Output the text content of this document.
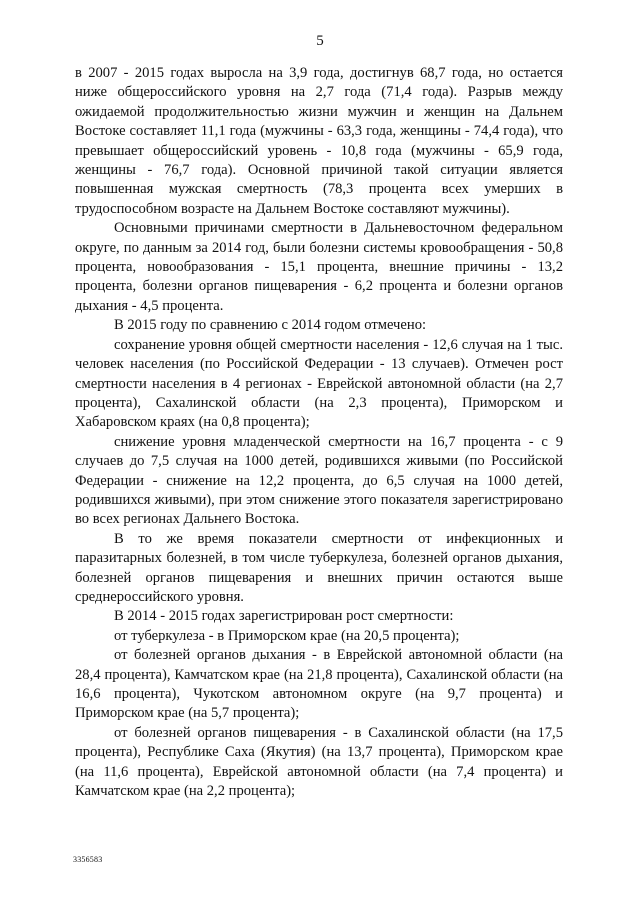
5

в 2007 - 2015 годах выросла на 3,9 года, достигнув 68,7 года, но остается ниже общероссийского уровня на 2,7 года (71,4 года). Разрыв между ожидаемой продолжительностью жизни мужчин и женщин на Дальнем Востоке составляет 11,1 года (мужчины - 63,3 года, женщины - 74,4 года), что превышает общероссийский уровень - 10,8 года (мужчины - 65,9 года, женщины - 76,7 года). Основной причиной такой ситуации является повышенная мужская смертность (78,3 процента всех умерших в трудоспособном возрасте на Дальнем Востоке составляют мужчины).

Основными причинами смертности в Дальневосточном федеральном округе, по данным за 2014 год, были болезни системы кровообращения - 50,8 процента, новообразования - 15,1 процента, внешние причины - 13,2 процента, болезни органов пищеварения - 6,2 процента и болезни органов дыхания - 4,5 процента.

В 2015 году по сравнению с 2014 годом отмечено:

сохранение уровня общей смертности населения - 12,6 случая на 1 тыс. человек населения (по Российской Федерации - 13 случаев). Отмечен рост смертности населения в 4 регионах - Еврейской автономной области (на 2,7 процента), Сахалинской области (на 2,3 процента), Приморском и Хабаровском краях (на 0,8 процента);

снижение уровня младенческой смертности на 16,7 процента - с 9 случаев до 7,5 случая на 1000 детей, родившихся живыми (по Российской Федерации - снижение на 12,2 процента, до 6,5 случая на 1000 детей, родившихся живыми), при этом снижение этого показателя зарегистрировано во всех регионах Дальнего Востока.

В то же время показатели смертности от инфекционных и паразитарных болезней, в том числе туберкулеза, болезней органов дыхания, болезней органов пищеварения и внешних причин остаются выше среднероссийского уровня.

В 2014 - 2015 годах зарегистрирован рост смертности:

от туберкулеза - в Приморском крае (на 20,5 процента);

от болезней органов дыхания - в Еврейской автономной области (на 28,4 процента), Камчатском крае (на 21,8 процента), Сахалинской области (на 16,6 процента), Чукотском автономном округе (на 9,7 процента) и Приморском крае (на 5,7 процента);

от болезней органов пищеварения - в Сахалинской области (на 17,5 процента), Республике Саха (Якутия) (на 13,7 процента), Приморском крае (на 11,6 процента), Еврейской автономной области (на 7,4 процента) и Камчатском крае (на 2,2 процента);

3356583
